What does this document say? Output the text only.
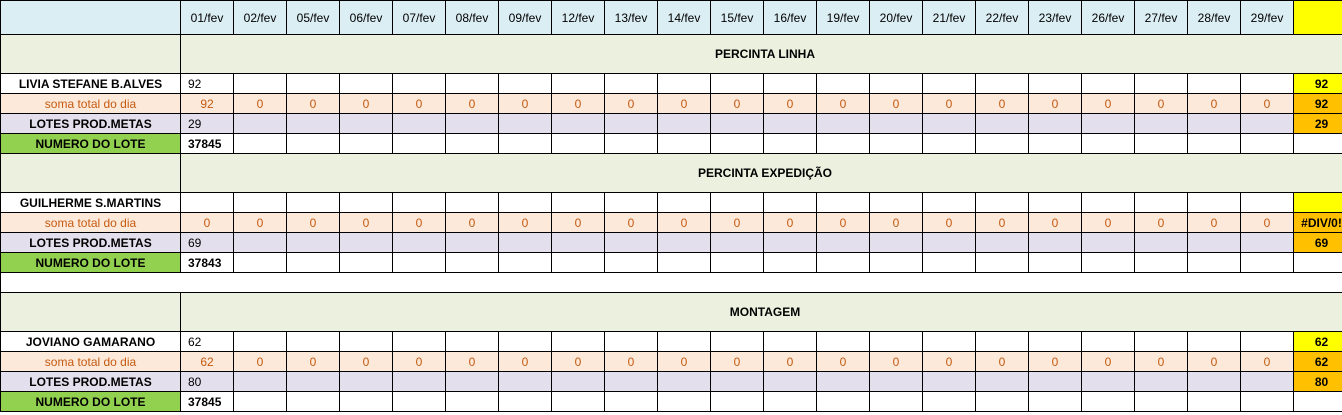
	01/fev	02/fev	05/fev	06/fev	07/fev	08/fev	09/fev	12/fev	13/fev	14/fev	15/fev	16/fev	19/fev	20/fev	21/fev	22/fev	23/fev	26/fev	27/fev	28/fev	29/fev	
	PERCINTA LINHA																					
LIVIA STEFANE B.ALVES	92																					92
soma total do dia	92	0	0	0	0	0	0	0	0	0	0	0	0	0	0	0	0	0	0	0	0	92
LOTES PROD.METAS	29																					29
NUMERO DO LOTE	37845																					
	PERCINTA EXPEDIÇÃO																					
GUILHERME S.MARTINS																						
soma total do dia	0	0	0	0	0	0	0	0	0	0	0	0	0	0	0	0	0	0	0	0	0	#DIV/0!
LOTES PROD.METAS	69																					69
NUMERO DO LOTE	37843																					

	MONTAGEM																					
JOVIANO GAMARANO	62																					62
soma total do dia	62	0	0	0	0	0	0	0	0	0	0	0	0	0	0	0	0	0	0	0	0	62
LOTES PROD.METAS	80																					80
NUMERO DO LOTE	37845																					
